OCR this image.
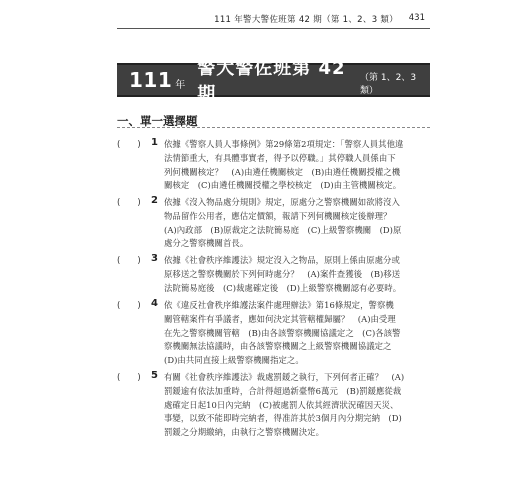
111 年警大警佐班第 42 期（第 1、2、3 類） 431
111 年
警大警佐班第 42 期
（第 1、2、3 類）
一、單一選擇題
(　　) 1 依據《警察人員人事條例》第29條第2項規定：「警察人員其他違
法情節重大，有具體事實者，得予以停職。」其停職人員係由下
列何機關核定？　(A)由遴任機關核定　(B)由遴任機關授權之機
關核定　(C)由遴任機關授權之學校核定　(D)由主管機關核定。
(　　) 2 依據《沒入物品處分規則》規定，原處分之警察機關如欲將沒入
物品留作公用者，應估定價額，報請下列何機關核定後辦理？
(A)內政部　(B)原裁定之法院簡易庭　(C)上級警察機關　(D)原
處分之警察機關首長。
(　　) 3 依據《社會秩序維護法》規定沒入之物品，原則上係由原處分或
原移送之警察機關於下列何時處分？　(A)案件查獲後　(B)移送
法院簡易庭後　(C)裁處確定後　(D)上級警察機關認有必要時。
(　　) 4 依《違反社會秩序維護法案件處理辦法》第16條規定，警察機
關管轄案件有爭議者，應如何決定其管轄權歸屬？　(A)由受理
在先之警察機關管轄　(B)由各該警察機關協議定之　(C)各該警
察機關無法協議時，由各該警察機關之上級警察機關協議定之
(D)由共同直接上級警察機關指定之。
(　　) 5 有關《社會秩序維護法》裁處罰鍰之執行，下列何者正確？　(A)
罰鍰逾有依法加重時，合計得超過新臺幣6萬元　(B)罰鍰應從裁
處確定日起10日內完納　(C)被處罰人依其經濟狀況確因天災、
事變，以致不能即時完納者，得准許其於3個月內分期完納　(D)
罰鍰之分期繳納，由執行之警察機關決定。
